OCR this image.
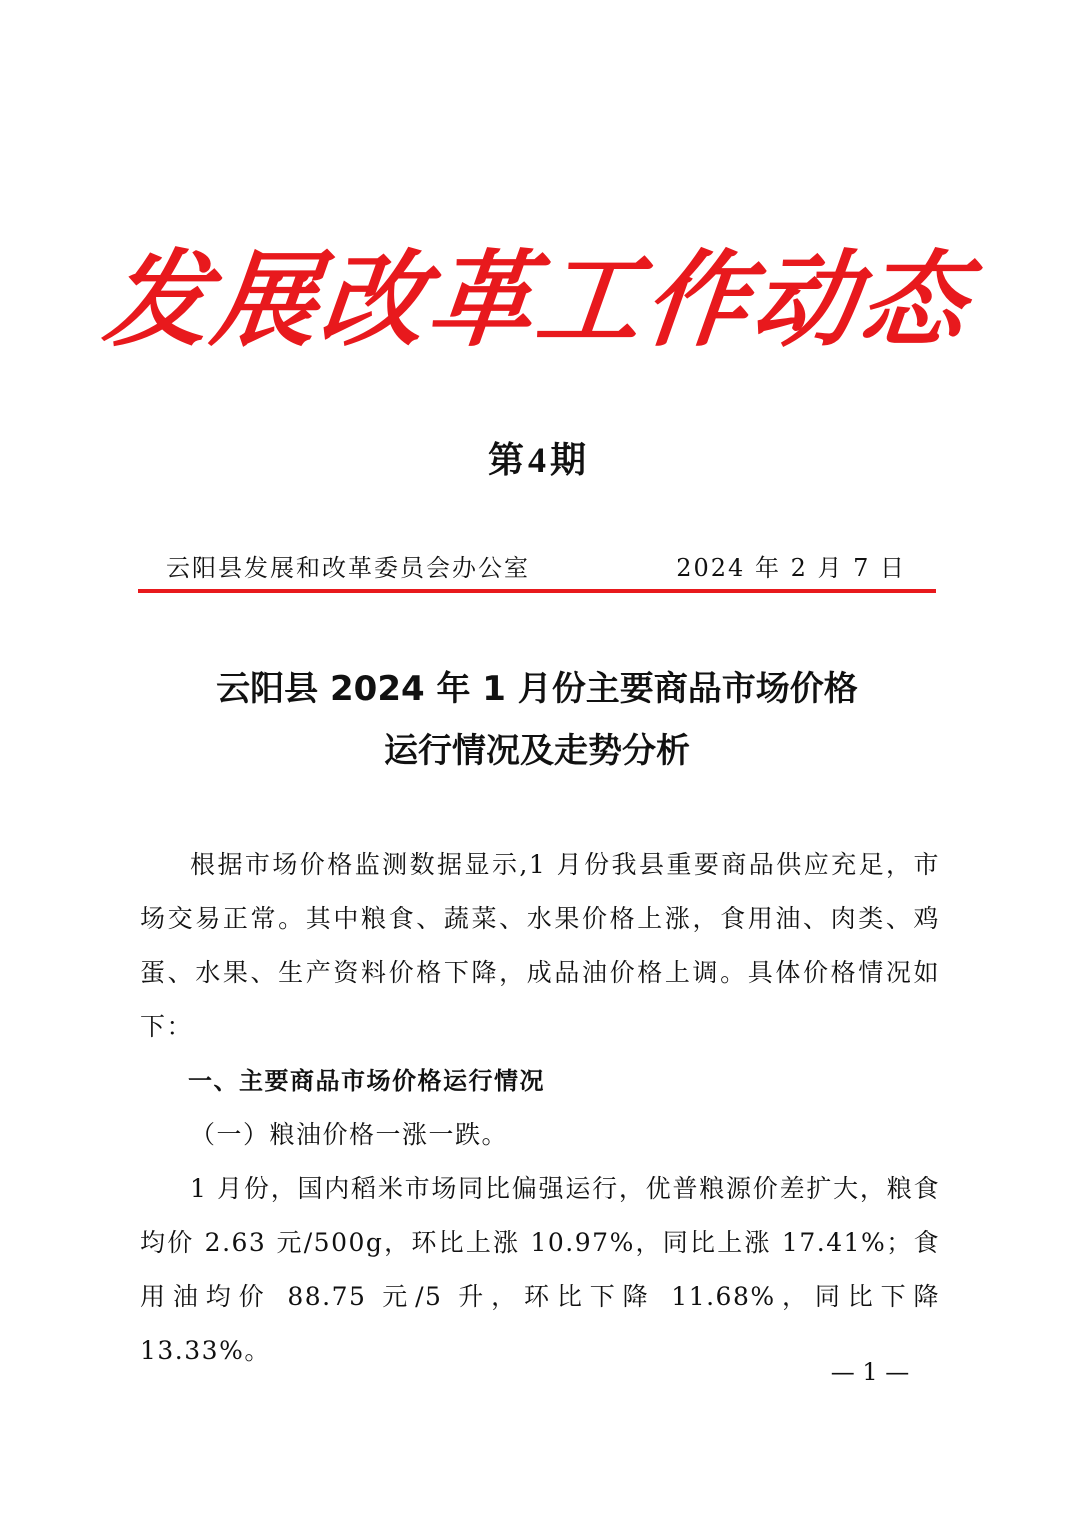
发展改革工作动态
第 4 期
云阳县发展和改革委员会办公室	2024 年 2 月 7 日
云阳县 2024 年 1 月份主要商品市场价格
运行情况及走势分析

根据市场价格监测数据显示,1 月份我县重要商品供应充足，市场交易正常。其中粮食、蔬菜、水果价格上涨，食用油、肉类、鸡蛋、水果、生产资料价格下降，成品油价格上调。具体价格情况如下：

一、主要商品市场价格运行情况

（一）粮油价格一涨一跌。

1 月份，国内稻米市场同比偏强运行，优普粮源价差扩大，粮食均价 2.63 元/500g，环比上涨 10.97%，同比上涨 17.41%；食用油均价 88.75 元/5 升，环比下降 11.68%，同比下降 13.33%。

— 1 —
